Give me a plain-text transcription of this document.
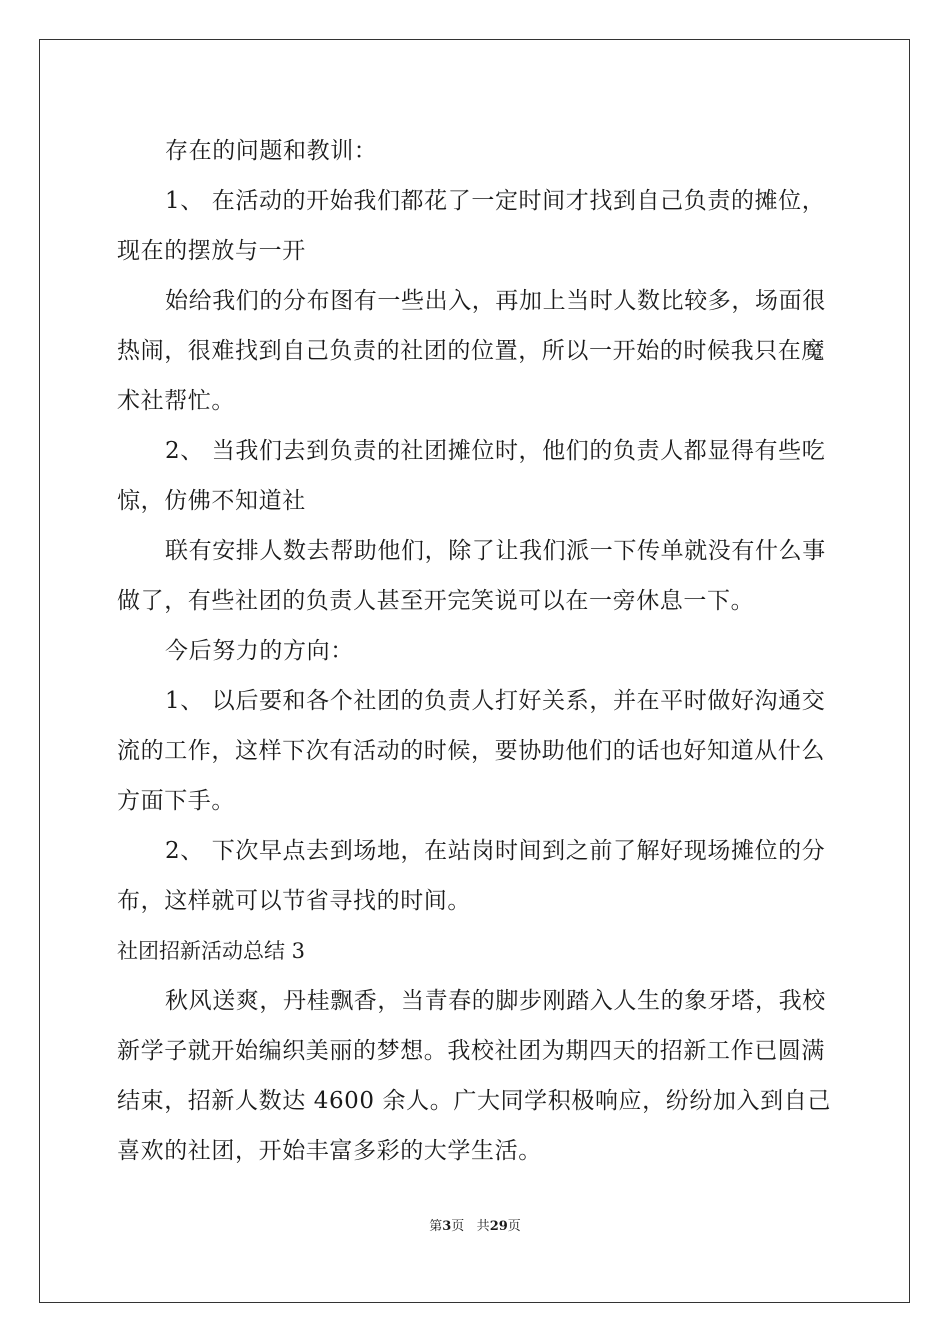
存在的问题和教训：
1、 在活动的开始我们都花了一定时间才找到自己负责的摊位，
现在的摆放与一开
始给我们的分布图有一些出入，再加上当时人数比较多，场面很
热闹，很难找到自己负责的社团的位置，所以一开始的时候我只在魔
术社帮忙。
2、 当我们去到负责的社团摊位时，他们的负责人都显得有些吃
惊，仿佛不知道社
联有安排人数去帮助他们，除了让我们派一下传单就没有什么事
做了，有些社团的负责人甚至开完笑说可以在一旁休息一下。
今后努力的方向：
1、 以后要和各个社团的负责人打好关系，并在平时做好沟通交
流的工作，这样下次有活动的时候，要协助他们的话也好知道从什么
方面下手。
2、 下次早点去到场地，在站岗时间到之前了解好现场摊位的分
布，这样就可以节省寻找的时间。
社团招新活动总结 3
秋风送爽，丹桂飘香，当青春的脚步刚踏入人生的象牙塔，我校
新学子就开始编织美丽的梦想。我校社团为期四天的招新工作已圆满
结束，招新人数达 4600 余人。广大同学积极响应，纷纷加入到自己
喜欢的社团，开始丰富多彩的大学生活。
第3页 共29页
